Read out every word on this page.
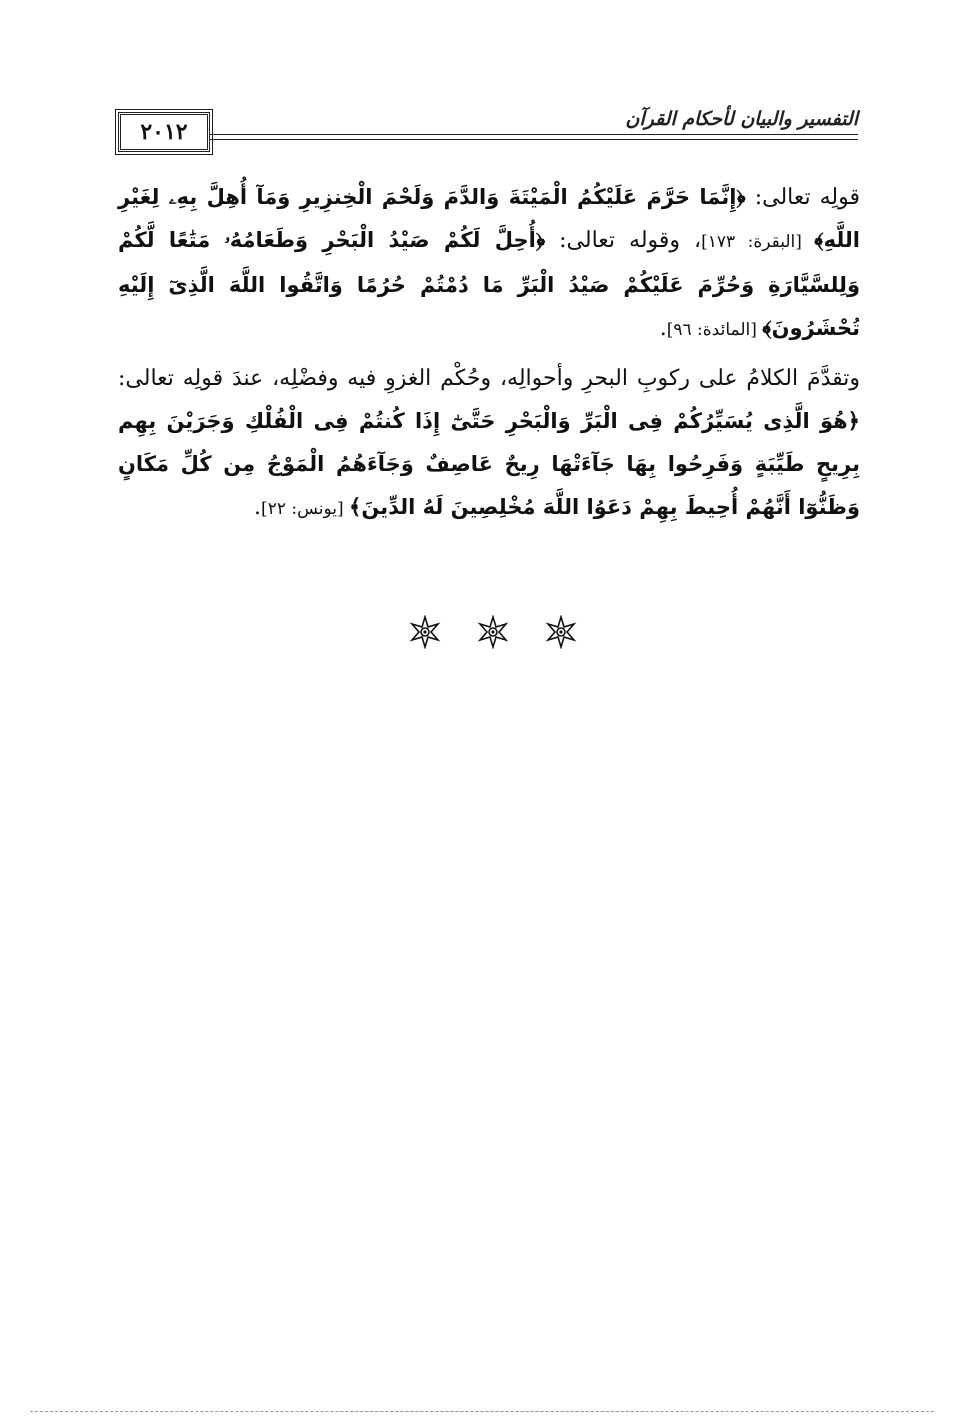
٢٠١٢	التفسير والبيان لأحكام القرآن

قولِه تعالى: ﴿إِنَّمَا حَرَّمَ عَلَيْكُمُ الْمَيْتَةَ وَالدَّمَ وَلَحْمَ الْخِنزِيرِ وَمَآ أُهِلَّ بِهِۦ لِغَيْرِ اللَّهِ﴾ [البقرة: ١٧٣]، وقوله تعالى: ﴿أُحِلَّ لَكُمْ صَيْدُ الْبَحْرِ وَطَعَامُهُۥ مَتَٰعًا لَّكُمْ وَلِلسَّيَّارَةِ وَحُرِّمَ عَلَيْكُمْ صَيْدُ الْبَرِّ مَا دُمْتُمْ حُرُمًا وَاتَّقُوا اللَّهَ الَّذِىٓ إِلَيْهِ تُحْشَرُونَ﴾ [المائدة: ٩٦].

وتقدَّمَ الكلامُ على ركوبِ البحرِ وأحوالِه، وحُكْم الغزوِ فيه وفضْلِه، عندَ قولِه تعالى: ﴿هُوَ الَّذِى يُسَيِّرُكُمْ فِى الْبَرِّ وَالْبَحْرِ حَتَّىٰٓ إِذَا كُنتُمْ فِى الْفُلْكِ وَجَرَيْنَ بِهِم بِرِيحٍ طَيِّبَةٍ وَفَرِحُوا بِهَا جَآءَتْهَا رِيحٌ عَاصِفٌ وَجَآءَهُمُ الْمَوْجُ مِن كُلِّ مَكَانٍ وَظَنُّوٓا أَنَّهُمْ أُحِيطَ بِهِمْ دَعَوُا اللَّهَ مُخْلِصِينَ لَهُ الدِّينَ﴾ [يونس: ٢٢].
